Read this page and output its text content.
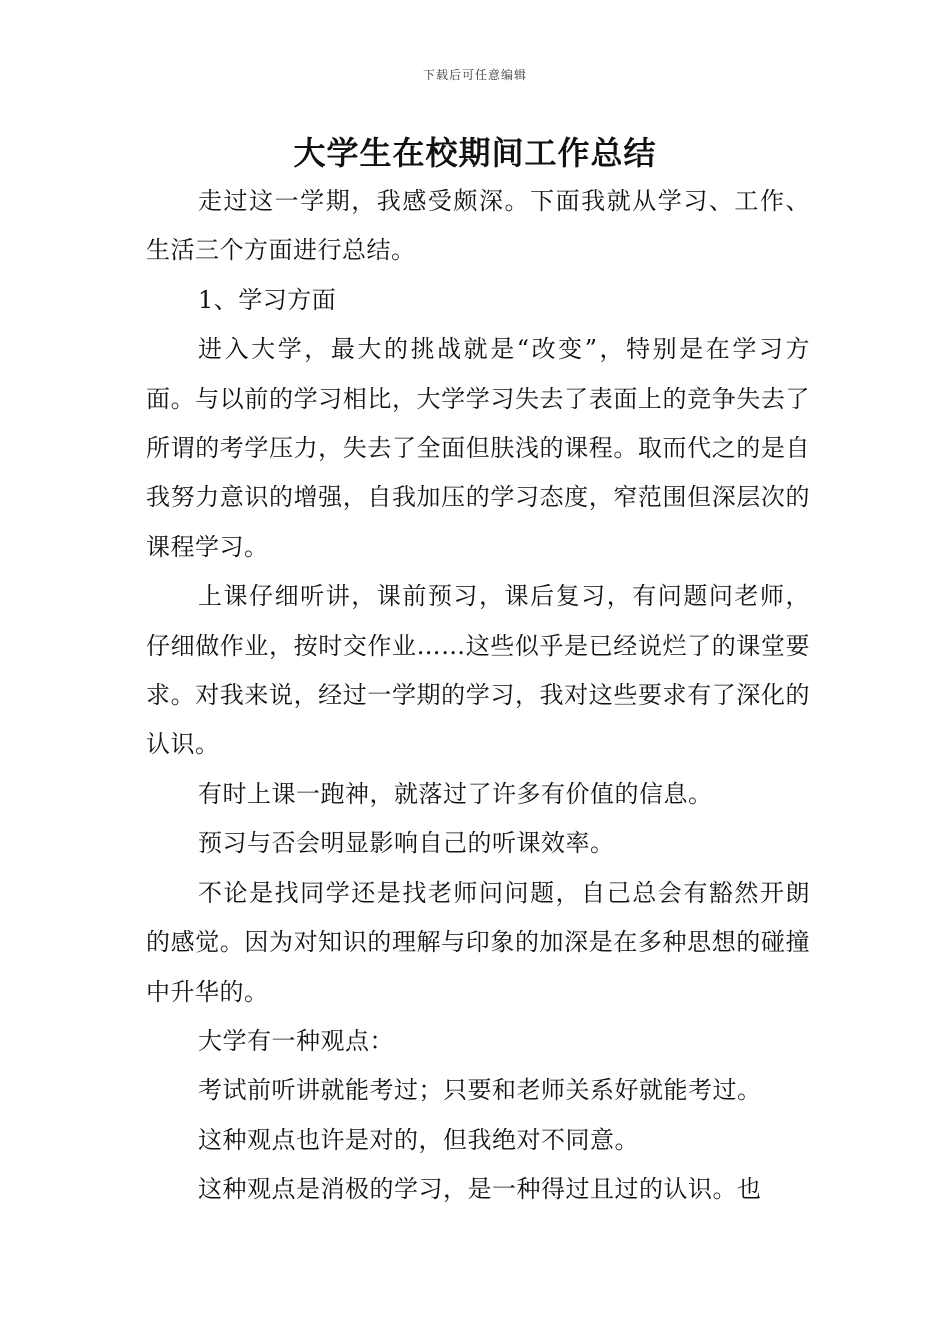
下载后可任意编辑
大学生在校期间工作总结

走过这一学期，我感受颇深。下面我就从学习、工作、生活三个方面进行总结。

1、学习方面

进入大学，最大的挑战就是“改变”，特别是在学习方面。与以前的学习相比，大学学习失去了表面上的竞争失去了所谓的考学压力，失去了全面但肤浅的课程。取而代之的是自我努力意识的增强，自我加压的学习态度，窄范围但深层次的课程学习。

上课仔细听讲，课前预习，课后复习，有问题问老师，仔细做作业，按时交作业……这些似乎是已经说烂了的课堂要求。对我来说，经过一学期的学习，我对这些要求有了深化的认识。

有时上课一跑神，就落过了许多有价值的信息。

预习与否会明显影响自己的听课效率。

不论是找同学还是找老师问问题，自己总会有豁然开朗的感觉。因为对知识的理解与印象的加深是在多种思想的碰撞中升华的。

大学有一种观点：

考试前听讲就能考过；只要和老师关系好就能考过。

这种观点也许是对的，但我绝对不同意。

这种观点是消极的学习，是一种得过且过的认识。也
